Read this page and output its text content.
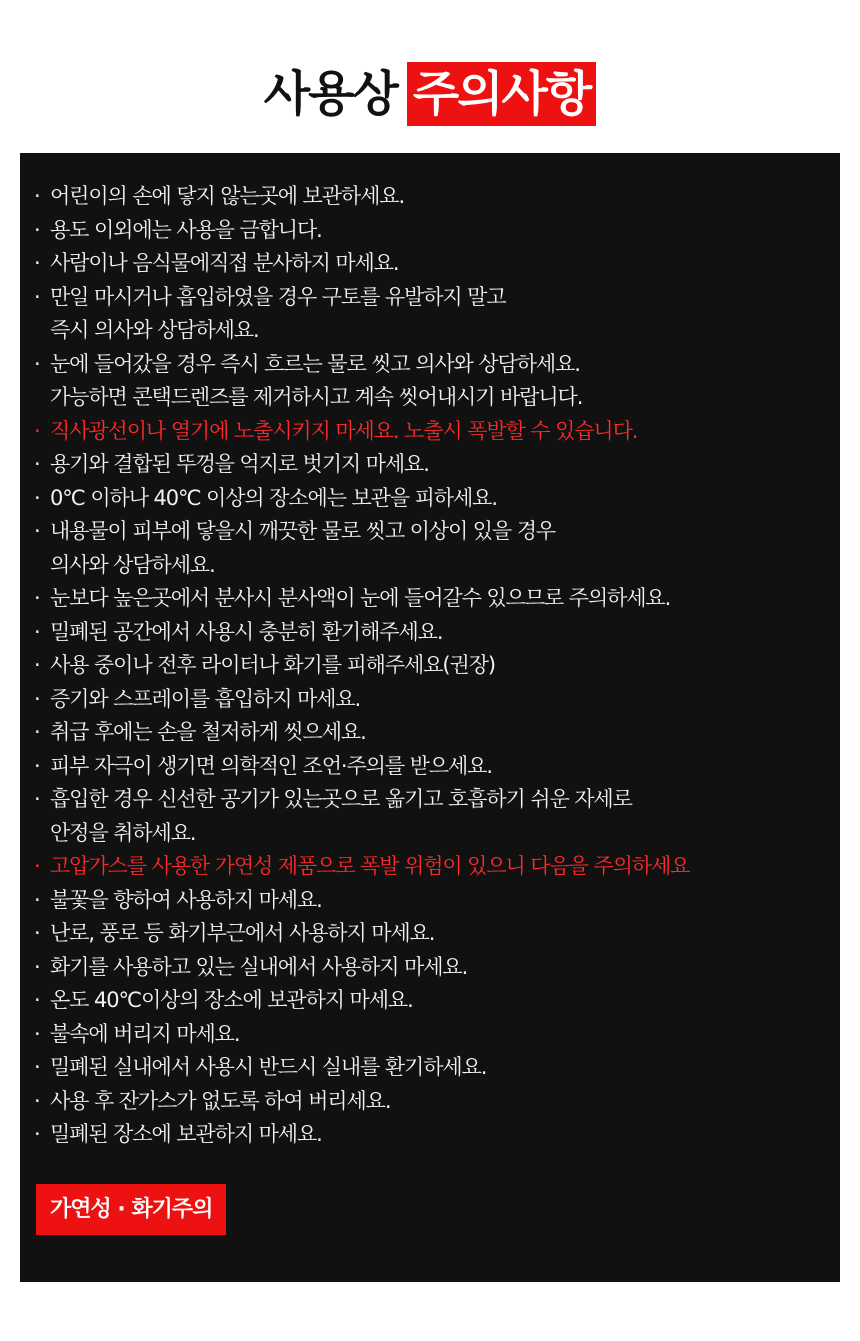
사용상 주의사항
· 어린이의 손에 닿지 않는곳에 보관하세요.
· 용도 이외에는 사용을 금합니다.
· 사람이나 음식물에직접 분사하지 마세요.
· 만일 마시거나 흡입하였을 경우 구토를 유발하지 말고
즉시 의사와 상담하세요.
· 눈에 들어갔을 경우 즉시 흐르는 물로 씻고 의사와 상담하세요.
가능하면 콘택드렌즈를 제거하시고 계속 씻어내시기 바랍니다.
· 직사광선이나 열기에 노출시키지 마세요. 노출시 폭발할 수 있습니다.
· 용기와 결합된 뚜껑을 억지로 벗기지 마세요.
· 0℃ 이하나 40℃ 이상의 장소에는 보관을 피하세요.
· 내용물이 피부에 닿을시 깨끗한 물로 씻고 이상이 있을 경우
의사와 상담하세요.
· 눈보다 높은곳에서 분사시 분사액이 눈에 들어갈수 있으므로 주의하세요.
· 밀폐된 공간에서 사용시 충분히 환기해주세요.
· 사용 중이나 전후 라이터나 화기를 피해주세요(권장)
· 증기와 스프레이를 흡입하지 마세요.
· 취급 후에는 손을 철저하게 씻으세요.
· 피부 자극이 생기면 의학적인 조언·주의를 받으세요.
· 흡입한 경우 신선한 공기가 있는곳으로 옮기고 호흡하기 쉬운 자세로
안정을 취하세요.
· 고압가스를 사용한 가연성 제품으로 폭발 위험이 있으니 다음을 주의하세요
· 불꽃을 향하여 사용하지 마세요.
· 난로, 풍로 등 화기부근에서 사용하지 마세요.
· 화기를 사용하고 있는 실내에서 사용하지 마세요.
· 온도 40℃이상의 장소에 보관하지 마세요.
· 불속에 버리지 마세요.
· 밀폐된 실내에서 사용시 반드시 실내를 환기하세요.
· 사용 후 잔가스가 없도록 하여 버리세요.
· 밀폐된 장소에 보관하지 마세요.
가연성 · 화기주의
